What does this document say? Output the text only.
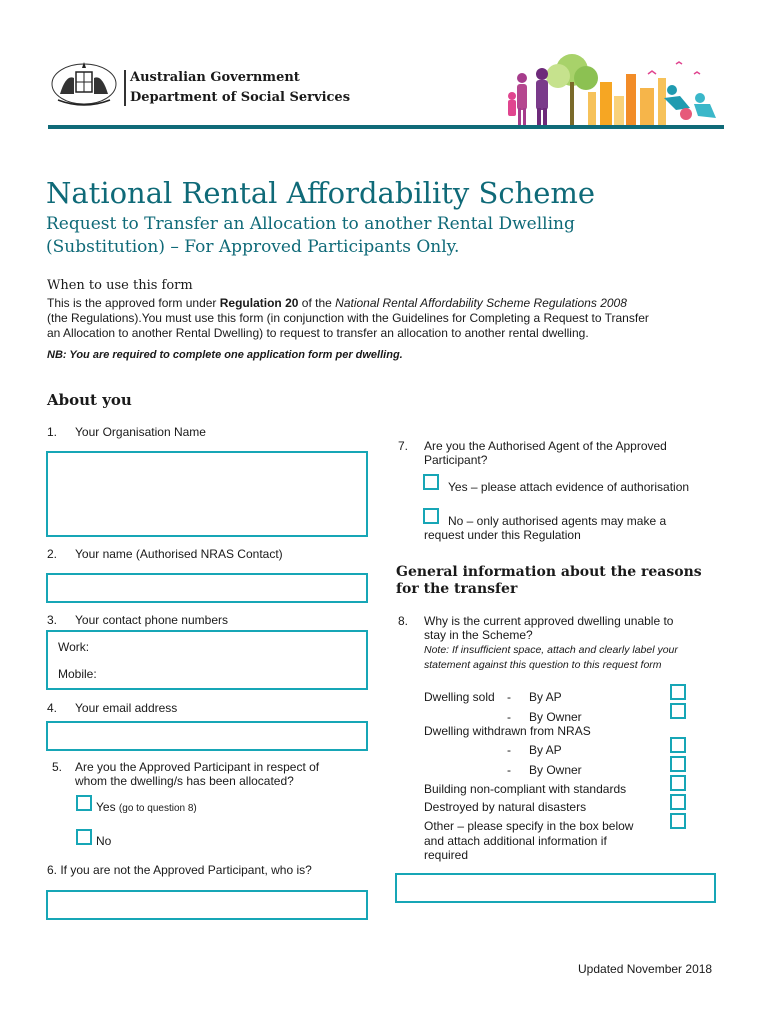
Australian Government
Department of Social Services
National Rental Affordability Scheme
Request to Transfer an Allocation to another Rental Dwelling
(Substitution) – For Approved Participants Only.
When to use this form
This is the approved form under Regulation 20 of the National Rental Affordability Scheme Regulations 2008
(the Regulations).You must use this form (in conjunction with the Guidelines for Completing a Request to Transfer
an Allocation to another Rental Dwelling) to request to transfer an allocation to another rental dwelling.
NB: You are required to complete one application form per dwelling.
About you
1. Your Organisation Name
2. Your name (Authorised NRAS Contact)
3. Your contact phone numbers
Work:
Mobile:
4. Your email address
5. Are you the Approved Participant in respect of
whom the dwelling/s has been allocated?
Yes (go to question 8)
No
6. If you are not the Approved Participant, who is?
7. Are you the Authorised Agent of the Approved
Participant?
Yes – please attach evidence of authorisation
No – only authorised agents may make a
request under this Regulation
General information about the reasons
for the transfer
8. Why is the current approved dwelling unable to
stay in the Scheme?
Note: If insufficient space, attach and clearly label your
statement against this question to this request form
Dwelling sold - By AP
- By Owner
Dwelling withdrawn from NRAS
- By AP
- By Owner
Building non-compliant with standards
Destroyed by natural disasters
Other – please specify in the box below
and attach additional information if
required
Updated November 2018
